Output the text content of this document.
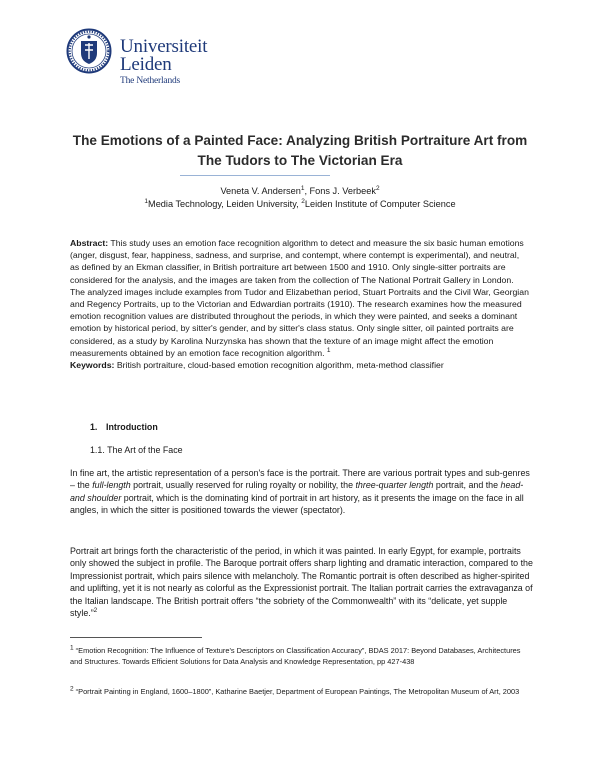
Universiteit
Leiden
The Netherlands
The Emotions of a Painted Face: Analyzing British Portraiture Art from
The Tudors to The Victorian Era
Veneta V. Andersen$^1$, Fons J. Verbeek$^2$
$^1$Media Technology, Leiden University, $^2$Leiden Institute of Computer Science
Abstract: This study uses an emotion face recognition algorithm to detect and measure the six basic human emotions (anger, disgust, fear, happiness, sadness, and surprise, and contempt, where contempt is experimental), and neutral, as defined by an Ekman classifier, in British portraiture art between 1500 and 1910. Only single-sitter portraits are considered for the analysis, and the images are taken from the collection of The National Portrait Gallery in London. The analyzed images include examples from Tudor and Elizabethan period, Stuart Portraits and the Civil War, Georgian and Regency Portraits, up to the Victorian and Edwardian portraits (1910). The research examines how the measured emotion recognition values are distributed throughout the periods, in which they were painted, and seeks a dominant emotion by historical period, by sitter's gender, and by sitter's class status. Only single sitter, oil painted portraits are considered, as a study by Karolina Nurzynska has shown that the texture of an image might affect the emotion measurements obtained by an emotion face recognition algorithm. $^1$
Keywords: British portraiture, cloud-based emotion recognition algorithm, meta-method classifier
1. Introduction
1.1. The Art of the Face
In fine art, the artistic representation of a person's face is the portrait. There are various portrait types and sub-genres – the full-length portrait, usually reserved for ruling royalty or nobility, the three-quarter length portrait, and the head-and shoulder portrait, which is the dominating kind of portrait in art history, as it presents the image on the face in all angles, in which the sitter is positioned towards the viewer (spectator).
Portrait art brings forth the characteristic of the period, in which it was painted. In early Egypt, for example, portraits only showed the subject in profile. The Baroque portrait offers sharp lighting and dramatic interaction, compared to the Impressionist portrait, which pairs silence with melancholy. The Romantic portrait is often described as higher-spirited and uplifting, yet it is not nearly as colorful as the Expressionist portrait. The Italian portrait carries the extravaganza of the Italian landscape. The British portrait offers “the sobriety of the Commonwealth” with its “delicate, yet supple style.”$^2$
$^1$ “Emotion Recognition: The Influence of Texture's Descriptors on Classification Accuracy”, BDAS 2017: Beyond Databases, Architectures and Structures. Towards Efficient Solutions for Data Analysis and Knowledge Representation, pp 427-438
$^2$ “Portrait Painting in England, 1600–1800”, Katharine Baetjer, Department of European Paintings, The Metropolitan Museum of Art, 2003
